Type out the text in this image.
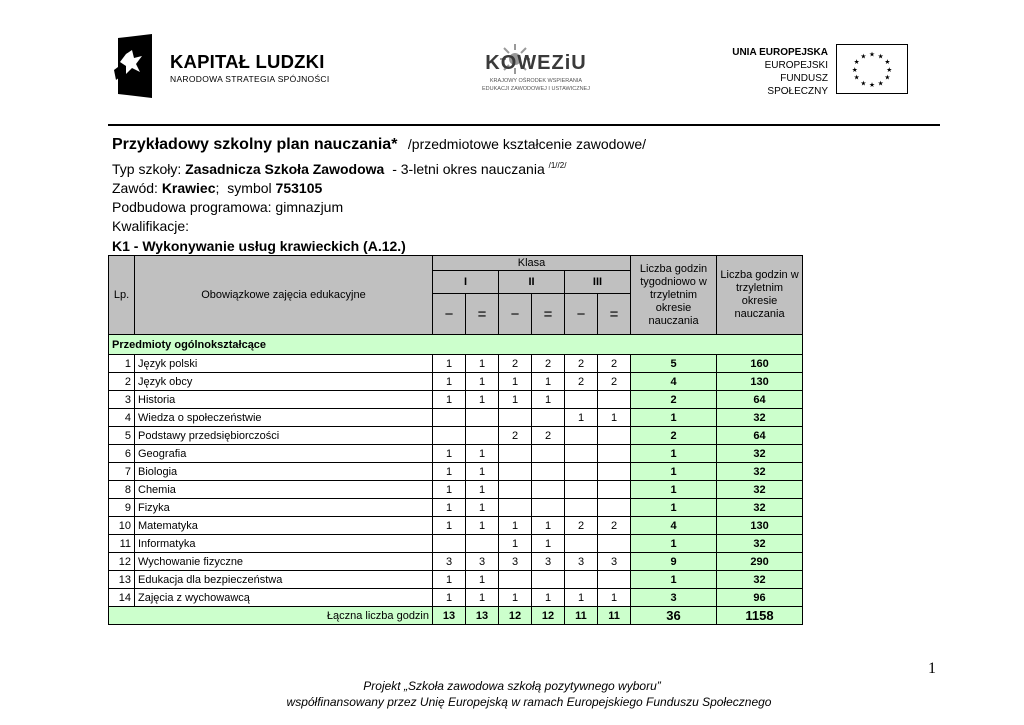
KAPITAŁ LUDZKI
NARODOWA STRATEGIA SPÓJNOŚCI
KOWEZiU
KRAJOWY OŚRODEK WSPIERANIA
EDUKACJI ZAWODOWEJ I USTAWICZNEJ
UNIA EUROPEJSKA
EUROPEJSKI
FUNDUSZ SPOŁECZNY
★ ★
★
★
★
★
★
★
★
★
★
★
Przykładowy szkolny plan nauczania* /przedmiotowe kształcenie zawodowe/
Typ szkoły: Zasadnicza Szkoła Zawodowa - 3-letni okres nauczania $^{/1//2/}$
Zawód: Krawiec; symbol 753105
Podbudowa programowa: gimnazjum
Kwalifikacje:
K1 - Wykonywanie usług krawieckich (A.12.)
Lp.	Obowiązkowe zajęcia edukacyjne	Klasa						Liczba godzin tygodniowo w trzyletnim okresie nauczania	Liczba godzin w trzyletnim okresie nauczania
		I		II		III			
		−	=	−	=	−	=		
Przedmioty ogólnokształcące									
1	Język polski	1	1	2	2	2	2	5	160
2	Język obcy	1	1	1	1	2	2	4	130
3	Historia	1	1	1	1			2	64
4	Wiedza o społeczeństwie					1	1	1	32
5	Podstawy przedsiębiorczości			2	2			2	64
6	Geografia	1	1					1	32
7	Biologia	1	1					1	32
8	Chemia	1	1					1	32
9	Fizyka	1	1					1	32
10	Matematyka	1	1	1	1	2	2	4	130
11	Informatyka			1	1			1	32
12	Wychowanie fizyczne	3	3	3	3	3	3	9	290
13	Edukacja dla bezpieczeństwa	1	1					1	32
14	Zajęcia z wychowawcą	1	1	1	1	1	1	3	96
Łączna liczba godzin		13	13	12	12	11	11	36	1158
1
Projekt „Szkoła zawodowa szkołą pozytywnego wyboru”
współfinansowany przez Unię Europejską w ramach Europejskiego Funduszu Społecznego
